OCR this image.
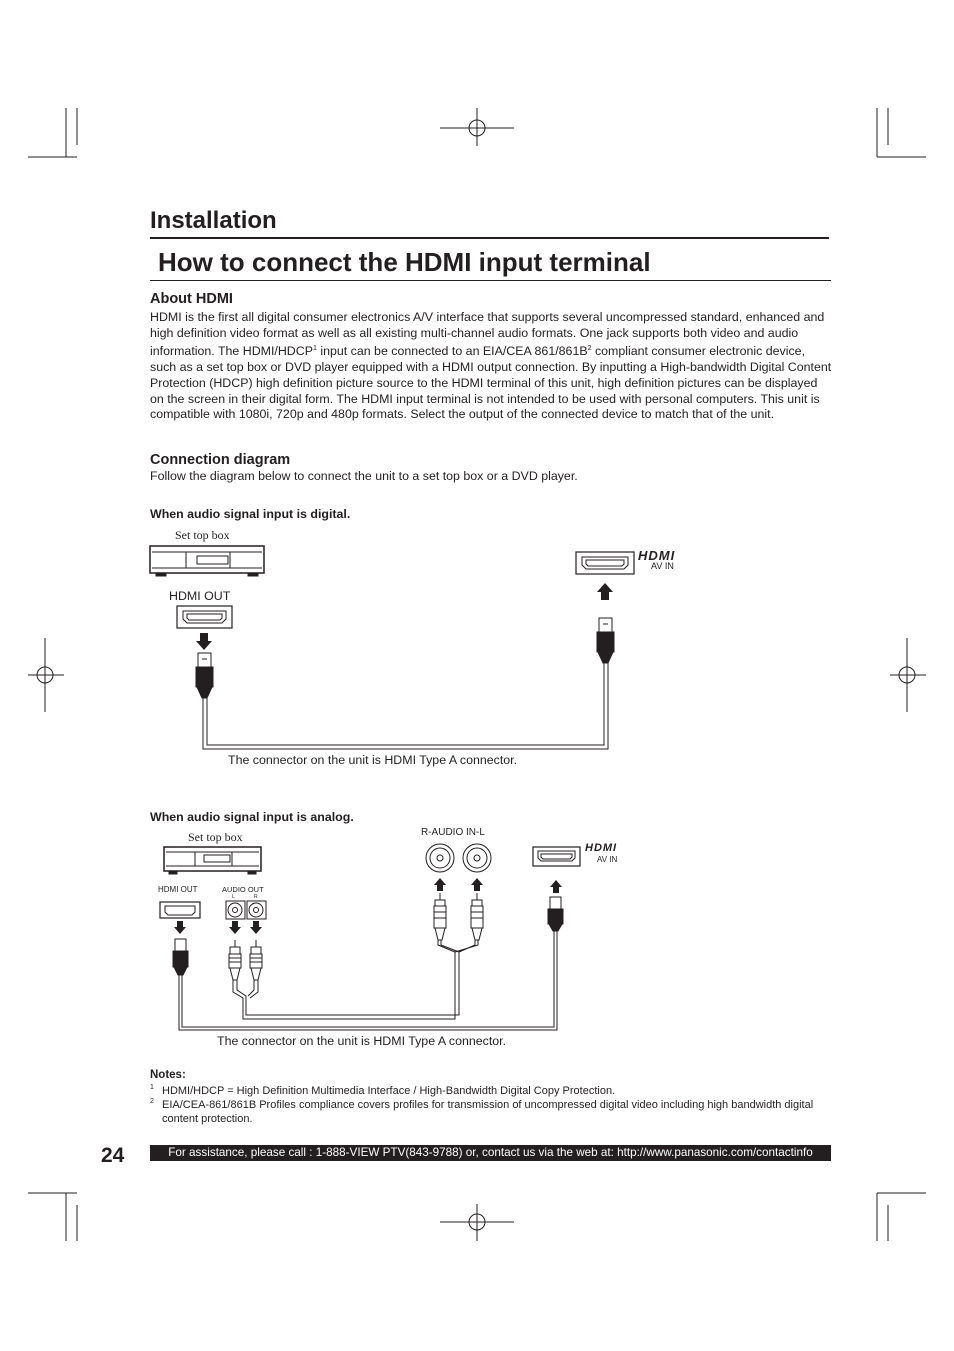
Installation
How to connect the HDMI input terminal
About HDMI
HDMI is the first all digital consumer electronics A/V interface that supports several uncompressed standard, enhanced and high definition video format as well as all existing multi-channel audio formats. One jack supports both video and audio information. The HDMI/HDCP$^1$ input can be connected to an EIA/CEA $861/861B^2$ compliant consumer electronic device, such as a set top box or DVD player equipped with a HDMI output connection. By inputting a High-bandwidth Digital Content Protection (HDCP) high definition picture source to the HDMI terminal of this unit, high definition pictures can be displayed on the screen in their digital form. The HDMI input terminal is not intended to be used with personal computers. This unit is compatible with 1080i, 720p and 480p formats. Select the output of the connected device to match that of the unit.
Connection diagram
Follow the diagram below to connect the unit to a set top box or a DVD player.
When audio signal input is digital.
Set top box
HDMI OUT
HDMI
AV IN
The connector on the unit is HDMI Type A connector.
When audio signal input is analog.
Set top box
HDMI OUT	AUDIO OUT
L	R
R-AUDIO IN-L
HDMI
AV IN
The connector on the unit is HDMI Type A connector.
Notes:
1 HDMI/HDCP = High Definition Multimedia Interface / High-Bandwidth Digital Copy Protection.
2 EIA/CEA-861/861B Profiles compliance covers profiles for transmission of uncompressed digital video including high bandwidth digital content protection.
24	For assistance, please call : 1-888-VIEW PTV(843-9788) or, contact us via the web at: http://www.panasonic.com/contactinfo
